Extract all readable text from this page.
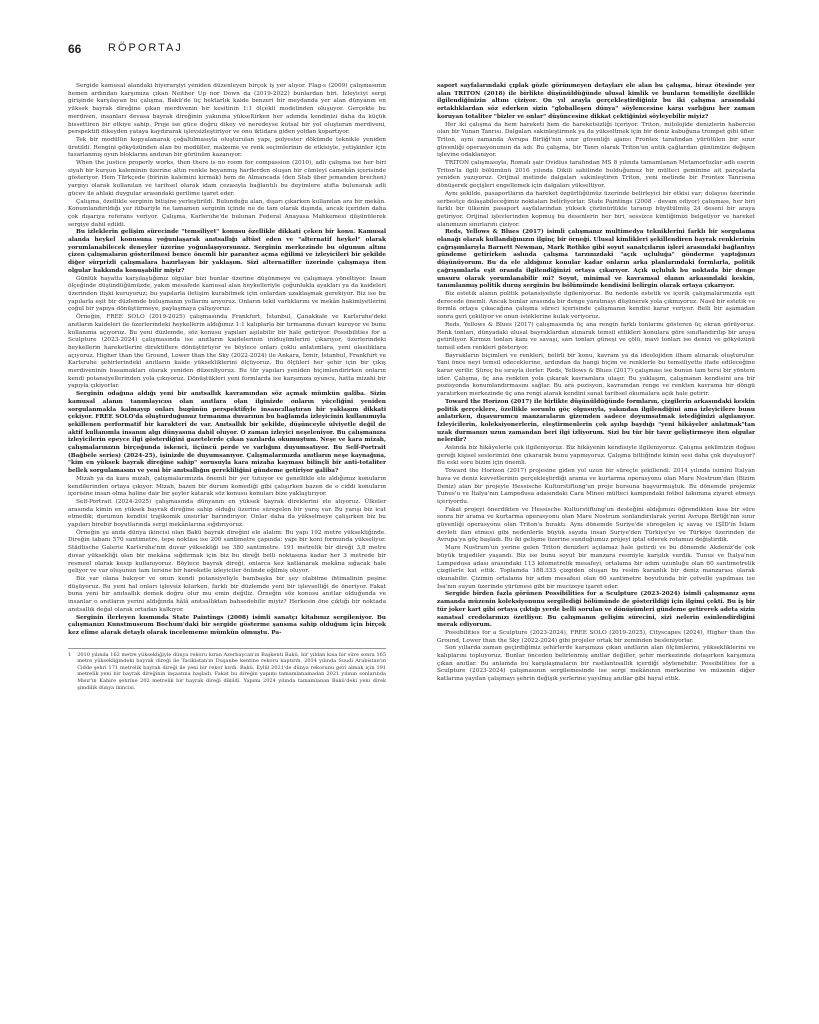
66 RÖPORTAJ

Sergide kamusal alandaki hiyerarşiyi yeniden düzenleyen birçok iş yer alıyor. Flag-s (2009) çalışmasının hemen ardından karşımıza çıkan Neither Up nor Down da (2019-2022) bunlardan biri. İzleyiciyi sergi girişinde karşılayan bu çalışma, Bakü'de üç hektarlık kaide benzeri bir meydanda yer alan dünyanın en yüksek bayrak direğine çıkan merdivenin bir kesitinin 1:1 ölçekli modelinden oluşuyor. Gerçekte bu merdiven, insanları devasa bayrak direğinin yakınına yükseltirken her adımda kendinizi daha da küçük hissettiren bir etkiye sahip. Proje ise güce doğru dikey ve neredeyse kutsal bir yol oluşturan merdiveni, perspektifi dikeyden yataya kaydırarak işlevsizleştiriyor ve onu iktidara giden yoldan kopartıyor.

Tek bir modülün kopyalanarak çoğaltılmasıyla oluşturulan yapı, polyester dökümde teknikle yeniden üretildi. Rengini gökyüzünden alan bu modüller, malzeme ve renk seçimlerinin de etkisiyle, yetişkinler için tasarlanmış oyun bloklarını andıran bir görünüm kazanıyor.

When the justice properly works, then there is no room for compassion (2010), adlı çalışma ise her biri siyah bir kurşun kaleminin üzerine altın renkle boyanmış harflerden oluşan bir cümleyi camekân içerisinde gösteriyor. Hem Türkçede (birinin kalemini kırmak) hem de Almancada (den Stab über jemanden brechen) yargıyı olarak kullanılan ve tarihsel olarak idam cezasıyla bağlantılı bu deyimlere atıfta bulunarak adli gücev ile ahlaki duygular arasındaki gerilime işaret eder.

Çalışma, özellikle serginin bitişine yerleştirildi. Bulunduğu alan, dışarı çıkarken kullanılan ara bir mekân. Konumlandırıldığı yer itibariyle ne tamamen serginin içinde ne de tam olarak dışında, ancak içeriden daha çok dışarıya referans veriyor. Çalışma, Karlsruhe'de bulunan Federal Anayasa Mahkemesi düşünülerek sergiye dahil edildi.

Bu izleklerin gelişim sürecinde "temsiliyet" konusu özellikle dikkati çeken bir konu. Kamusal alanda heykel konusuna yoğunlaşarak anıtsallığı altüst eden ve "alternatif heykel" olarak yorumlanabilecek deneyler üzerine yoğunlaşıyorsunuz. Serginin merkezinde bu olgunun altını çizen çalışmaların gösterilmesi bence önemli bir parantez açma eğilimi ve izleyicileri bir şekilde diğer sürprizli çalışmalara hazırlayan bir yaklaşım. Sizi alternatifler üzerinde çalışmaya iten olgular hakkında konuşabilir miyiz?

Günlük hayatta karşılaştığımız olgular bizi bunlar üzerine düşünmeye ve çalışmaya yöneltiyor. İnsan ölçeğinde düşündüğümüzde, yakın mesafede kamusal alan heykelleriyle çoğunlukla ayakları ya da kaideleri üzerinden ilişki kuruyoruz; bu yapılarla iletişim kurabilmek için onlardan uzaklaşmak gerekiyor. Biz ise bu yapılarla eşit bir düzlemde buluşmanın yollarını arıyoruz. Onların tekil varlıklarını ve mekân hakimiyetlerini çoğul bir yapıya dönüştürmeye, paylaşmaya çalışıyoruz.

Örneğin, FREE SOLO (2019-2025) çalışmasında Frankfurt, İstanbul, Çanakkale ve Karlsruhe'deki anıtların kaideleri ile üzerlerindeki heykellerin aldığımız 1:1 kalıplarla bir tırmanma duvarı kuruyor ve bunu kullanıma açıyoruz. Bu yeni düzlemde, söz konusu yapıları aşılabilir bir hale getiriyor. Possibilities for a Sculpture (2023-2024) çalışmasında ise anıtların kaidelerinin iniduşümlerini çıkarıyor, üzerlerindeki heykellerin hareketlerini direktiflere dönüştürüyor ve böylece onları çoklu anlatımlara, yeni olasılıklara açıyoruz. Higher than the Ground, Lower than the Sky (2022-2024) ile Ankara, İzmir, İstanbul, Frankfurt ve Karlsruhe şehirlerindeki anıtların kaide yüksekliklerini ölçüyoruz. Bu ölçüleri her şehir için bir çıkış merdiveninin basamakları olarak yeniden düzenliyoruz. Bu tür yapıları yeniden biçimlendirirken onların kendi potansiyellerinden yola çıkıyoruz. Dönüştükleri yeni formlarda ise karşımıza oyuncu, hatta mizahi bir yapıyla çıkıyorlar.

Serginin odağına aldığı yeni bir anıtsallık kavramından söz açmak mümkün galiba. Sizin kamusal alanın tanımlayıcısı olan anıtlara olan ilginizde onların yüceliğini yeniden sorgulanmakla kalmayıp onları bugünün perspektifiyle insancıllaştıran bir yaklaşım dikkati çekiyor. FREE SOLO'da oluşturduğunuz tırmanma duvarının bu bağlamda izleyicinin kullanımıyla şekillenen performatif bir karakteri de var. Anıtsallık bir şekilde, düşünceyle ulviyetle değil de aktif kullanımla insanın algı dünyasına dahil oluyor. O zaman izleyici neşeleniyor. Bu çalışmanıza izleyicilerin epeyce ilgi gösterdiğini gazetelerde çıkan yazılarda okumuştum. Neşe ve kara mizah, çalışmalarınızın birçoğunda iskenci, iiçüncü perde ve varlığını duyumsatıyor. Bu Self-Portrait (Bağbele series) (2024-25), işinizde de duyumsanıyor. Çalışmalarınızda anıtların neşe kaynağına, "kim en yüksek bayrak direğine sahip" sorusuyla kara mizaha kayması bilinçli bir anti-totaliter bellek sorgulamasını ve yeni bir anıtsallığın gerekliliğini gündeme getiriyor galiba?

Mizah ya da kara mizah, çalışmalarımızda önemli bir yer tutuyor ve genellikle ele aldığımız konuların kendilerinden ortaya çıkıyor. Mizah, bazen bir durum komediği gibi çalışırken bazen de o ciddi konuların içerisine insan olma haline dair bir şeyler katarak söz konusu konuları bize yaklaştırıyor.

Self-Portrait (2024-2025) çalışmasında dünyanın en yüksek bayrak direklerini ele alıyoruz. Ülkeler arasında kimin en yüksek bayrak direğine sahip olduğu üzerine süregelen bir yarış var. Bu yarışı biz icat etmedik; durumun kendisi trajikomik unsurlar barındırıyor. Onlar daha da yükselmeye çalışırken biz bu yapıları birebir boyutlarında sergi mekânlarına sığdırıyoruz.

Örneğin şu anda dünya ikincisi olan Bakü bayrak direğini ele alalım: Bu yapı 192 metre yüksekliğinde. Direğin tabanı 570 santimetre, tepe noktası ise 200 santimetre çapında; yapı bir koni formunda yükseliyor. Städtische Galerie Karlsruhe'nin duvar yüksekliği ise 380 santimetre. 191 metrelik bir direği 3,8 metre duvar yüksekliği olan bir mekâna sığdırmak için biz bu direği belli noktasına kadar her 3 metrede bir resmeel olarak kesip kullanıyoruz. Böylece bayrak direği, onlarca kez katlanarak mekâna sığacak hale geliyor ve var oluşunun tam tersine bir hareketle izleyiciler önünde eğilmiş oluyor.

Biz var olana bakıyor ve onun kendi potansiyeliyle bambaşka bir şey olabilme ihtimalinin peşine düşüyoruz. Bu yeni hal onları işlevsiz kılarken, farklı bir düzlemde yeni bir işlevselliği de öneriyor. Fakat buna yeni bir anıtsallık demek doğru olur mu emin değiliz. Örneğin söz konusu anıtlar olduğunda ve insanlar o anıtların yerini aldığında hâlâ anıtsallıktan bahsedebilir miyiz? Herkesin öne çıktığı bir noktada anıtsallık değal olarak ortadan kalkıyor.

Serginin ilerleyen kısmında State Paintings (2008) isimli sanatçı kitabınız sergileniyor. Bu çalışmanızı Kunstmuseum Bochum'daki bir sergide gösterme şansına sahip olduğum için birçok kez elime alarak detaylı olarak incelememe mümkün olmuştu. Pa-

1 2010 yılında 162 metre yüksekliğiyle dünya rekoru kıran Azerbaycan'ın Başkenti Bakü, bir yıldan kısa bir süre sonra 165 metre yüksekliğindeki bayrak direği ile Tacikistan'ın Duşanbe kentine rekoru kaptırdı. 2014 yılında Suudi Arabistan'ın Cidde şehri 171 metrelik bayrak direği ile yeni bir rekor kırdı. Bakü, Eylül 2021'de dünya rekorunu geri almak için 191 metrelik yeni bir bayrak direğinin inşaatına başladı. Fakat bu direğin yapımı tamamlanamadan 2021 yılının sonlarında Mısır'ın Kahire şehrine 202 metrelik bir bayrak direği dikildi. Yapımı 2024 yılında tamamlanan Bakü'deki yeni direk şimdilik dünya ikincisi.

saport sayfalarındaki çıplak gözle görünmeyen detayları ele alan bu çalışma, biraz ötesinde yer alan TRITON (2018) ile birlikte düşünüldüğünde ulusal kimlik ve bunların temsiliyle özellikle ilgilendiğinizin altını çiziyor. On yıl arayla gerçekleştirdiğiniz bu iki çalışma arasındaki ortaklıklardan söz ederken sizin "globalleşen dünya" söylencesine karşı varlığını her zaman koruyan totaliter "bizler ve onlar" düşüncesine dikkat çektiğinizi söyleyebilir miyiz?

Her iki çalışma da hem hareketi hem de hareketsizliği içeriyor. Triton, mitolojide denizlerin habercisi olan bir Yunan Tanrısı. Dalgaları sakinleştirmek ya da yükseltmek için bir deniz kabuğuna trompet gibi üfler. Triton, aynı zamanda Avrupa Birliği'nin sınır güvenliği ajansı Frontex tarafından yürütülen bir sınır güvenliği operasyonunun da adı. Bu çalışma, bir Tanrı olarak Triton'un antik çağlardan günümüze değişen işlevine odaklanıyor.

TRITON çalışmasıyla, Romalı şair Ovidius tarafından MS 8 yılında tamamlanan Metamorfozlar adlı eserin Triton'la ilgili bölümünü 2016 yılında Dikili sahilinde bulduğumuz bir mülteci geminine ait parçalarla yeniden yazıyoruz. Orijinal metinde dalgaları sakinleştiren Triton, yeni metinde bir Frontex Tanrısına dönüşerek geçişleri engellemek için dalgaları yükseltiyor.

Aynı şekilde, pasaportların da hareket özgürlüğümüz üzerinde belirleyici bir etkisi var; dolayısı üzerinde serbestçe dolaşabileceğimiz noktaları belirliyorlar. State Paintings (2008 - devam ediyor) çalışması, her biri farklı bir ülkenin pasaport sayfalarından yüksek çözünürlükle taranıp büyütülmüş 24 deseni bir araya getiriyor. Orijinal işlevlerinden kopmuş bu desenlerin her biri, sessizce kimliğimizi belgeliyor ve hareket alanımızın sınırlarını çiziyor.

Reds, Yellows & Blues (2017) isimli çalışmanız multimedya tekniklerini farklı bir sorgulama olanağı olarak kullandığınızın ilginç bir örneği. Ulusal kimlikleri şekillendiren bayrak renklerinin çağrışımlarıyla Barnett Newman, Mark Rothko gibi soyut sanatçıların işleri arasındaki bağlantıyı gündeme getirirken aslında çalışma tarzınızdaki "açık uçluluğa" gönderme yaptığınızı düşünüyorum. Bu da ele aldığınız konular kadar onların arka planlarındaki formlarla, politik çağrışımlarla eşit oranda ilgilendiğinizi ortaya çıkarıyor. Açık uçluluk bu noktada bir denge unsuru olarak yorumlanabilir mi? Soyut, minimal ve kavramsal olanın arkasındaki keskin, tanımlanmış politik duruş serginin bu bölümünde kendisini belirgin olarak ortaya çıkarıyor.

Biz estetik alanın politik potansiyeliyle ilgileniyoruz. Bu nedenle estetik ve içerik çalışmalarımızda eşit derecede önemli. Ancak bunlar arasında bir denge yaratmayı düşünerek yola çıkmıyoruz. Nasıl bir estetik ve formla ortaya çıkacağına çalışma süreci içerisinde çalışmanın kendisi karar veriyor. Belli bir aşamadan sonra geri çekiliyor ve onun isteklerine kulak veriyoruz.

Reds, Yellows & Blues (2017) çalışmasında üç ana rengin farklı tonlarını gösteren üç ekran görüyoruz. Renk tonları, dünyadaki ulusal bayraklardan alınarak temsil ettikleri konulara göre sınıflandırılıp bir araya getiriliyor. Kırmızı tonları kanı ve savaşı, sarı tonları güneşi ve çölü, mavi tonları ise denizi ve gökyüzünü temsil eden renkleri gösteriyor.

Bayrakların biçimleri ve renkleri, belirli bir konu, kavram ya da ideolojiden ilham alınarak oluşturulur. Yani önce neyi temsil edeceklerine, ardından da hangi biçim ve renklerle bu temsiliyette ifade edileceğine karar verilir. Süreç bu sırayla ilerler. Reds, Yellows & Blues (2017) çalışması ise bunun tam tersi bir yöntem izler. Çalışma, üç ana renkten yola çıkarak kavramlara ulaşır. Bu yaklaşım, çalışmanın kendisini ara bir pozisyonda konumlandırmasını sağlar. Bu ara pozisyon, kavramdan renge ve renkten kavrama bir döngü yaratırken merkezinde üç ana rengi alarak kendini sanat tarihsel okumalara açık hale getirir.

Toward the Horizon (2017) ile birlikte düşünüldüğünde formların, çizgilerin arkasındaki keskin politik gerçeklere, özellikle sorunlu göç olgusuyla, yakından ilgilendiğini ama izleyicilere bunu anlatırken, dışavurumcu manzaraların gizemden sadece doyumsatmak istediğinizi algılanıyor. İzleyicilerin, koleksiyonerlerin, eleştirmenlerin çok ayılıp baydığı "yeni hikâyeler anlatmak"tan uzak durmanızı uzun zamandan beri ilgi izliyorum. Sizi bu tür bir tavır geliştirmeye iten olgular nelerdir?

Aslında biz hikâyelerle çok ilgileniyoruz. Biz hikâyenin kendisiyle ilgileniyoruz. Çalışma şeklimizin doğası gereği kişisel seslerimizi öne çıkararak bunu yapmıyoruz. Çalışma bittiğinde kimin sesi daha çok duyuluyor? Bu eski soru bizim için önemli.

Toward the Horizon (2017) projesine giden yol uzun bir süreçte şekillendi. 2014 yılında isimini İtalyan hava ve deniz kuvvetlerinin gerçekleştirdiği arama ve kurtarma operasyonu olan Mare Nostrum'dan (Bizim Deniz) alan bir projeyle Hessische Kulturstiftung'un proje bursuna başvurmuştuk. Bu dönemde projemiz Tunus'u ve İtalya'nın Lampedusa adasındaki Cara Mineo mülteci kampındaki fotbol takımına ziyaret etmeyi içeriyordu.

Fakat projeyi önerdikten ve Hessische Kulturstiftung'un desteğini aldığımızı öğrendikten kısa bir süre sonra bir arama ve kurtarma operasyonu olan Mare Nostrum sonlandırılarak yerini Avrupa Birliği'nin sınır güvenliği operasyonu olan Triton'a bıraktı. Aynı dönemde Suriye'de süregelen iç savaş ve IŞİD'in İslam devleti ilan etmesi gibi nedenlerle büyük sayıda insan Suriye'den Türkiye'ye ve Türkiye üzerinden de Avrupa'ya göç başladı. Bu iki gelişme üzerine sunduğumuz projeyi iptal ederek rotamızı değiştirdik.

Mare Nostrum'un yerine gelen Triton denizleri açılamaz hale getirdi ve bu dönemde Akdeniz'de çok büyük trajediler yaşandı. Biz ise bunu soyut bir manzara resmiyle karşılık verdik. Tunus ve İtalya'nın Lampedusa adası arasındaki 113 kilometrelik mesafeyi, ortalama bir adım uzunluğu olan 60 santimetrelik çizgilerle kat ettik. Toplamda 188.333 çizgiden oluşan bu resim karanlık bir deniz manzarası olarak okunabilir. Çizimin ortalama bir adım mesafesi olan 60 santimetre boyutunda bir çetvelle yapılması ise İsa'nın suyun üzerinde yürümesi gibi bir mucizeye işaret eder.

Sergide birden fazla görünen Possibilities for a Sculpture (2023-2024) isimli çalışmanız aynı zamanda müzenin koleksiyonunu sergilediği bölümünde de gösterildiği için ilgimi çekti. Bu iş bir tür joker kart gibi ortaya çıktığı yerde belli sorulan ve dönüşümleri gündeme getirerek adeta sizin sanatsal credolarınızı özetliyor. Bu çalışmanın gelişim sürecini, sizi nelerin esinlendirdiğini merak ediyorum.

Possibilities for a Sculpture (2023-2024), FREE SOLO (2019-2025), Cityscapes (2024), Higher than the Ground, Lower than the Sky (2022-2024) gibi projeler ortak bir zeminden besleniyorlar.

Son yıllarda zaman geçirdiğimiz şehirlerde karşımıza çıkan anıtların alan ölçümlerini, yüksekliklerini ve kalıplarını topluyoruz. Bunlar önceden belirlenmiş anıtlar değiller, şehir merkezinde dolaşırken karşımıza çıkan anıtlar. Bu anlamda bu karşılaşmaların bir rastlantısallık içerdiği söylenebilir. Possibilities for a Sculpture (2023-2024) çalışmasının sergilemesinde ise sergi mekânının merkezine ve müzenin diğer katlarına yayılan çalışmayı şehrin değişik yerlerine yayılmış anıtlar gibi hayal ettik.
